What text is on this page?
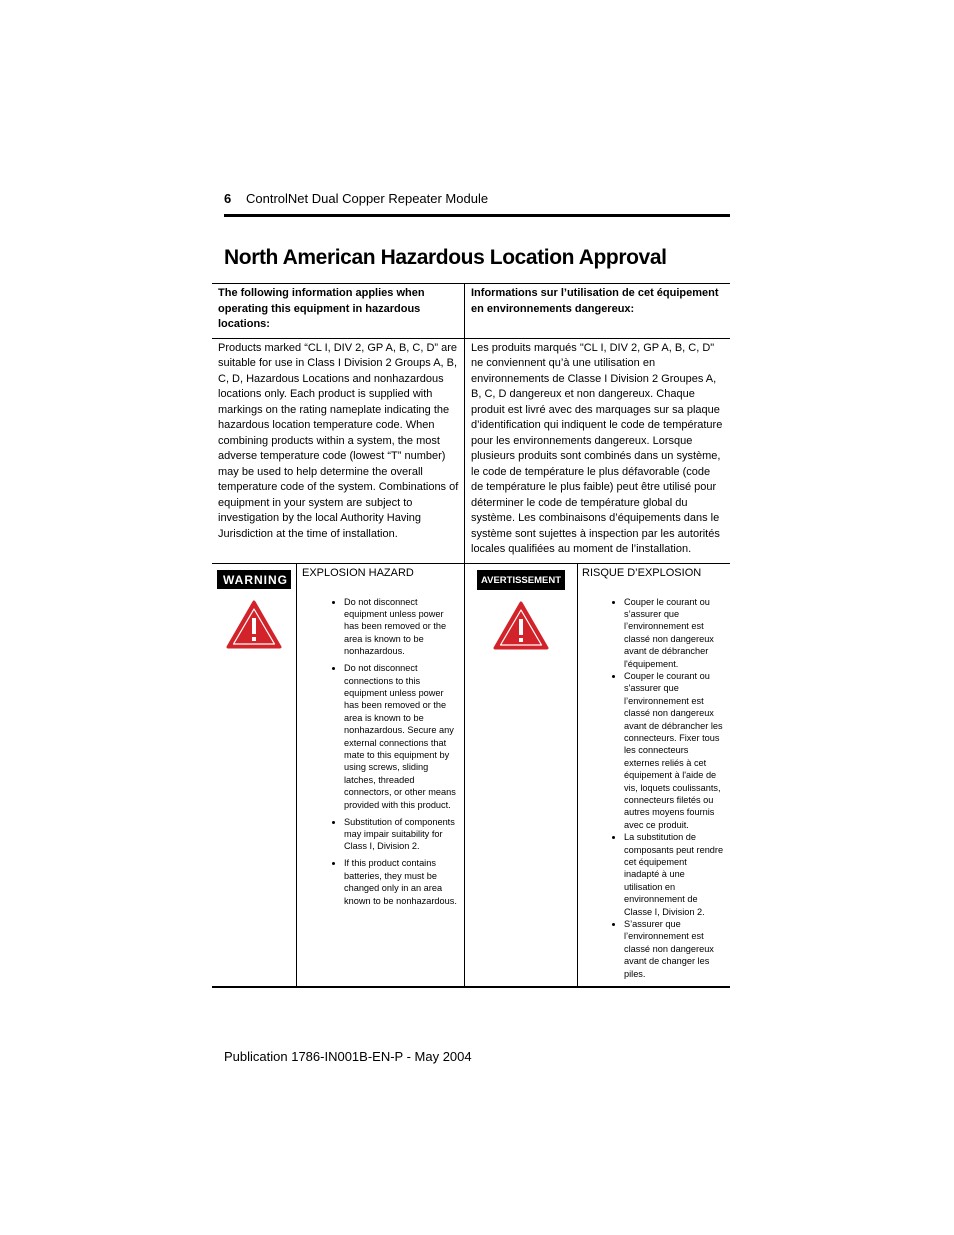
6 ControlNet Dual Copper Repeater Module
North American Hazardous Location Approval
The following information applies when operating this equipment in hazardous locations:
Informations sur l’utilisation de cet équipement en environnements dangereux:
Products marked “CL I, DIV 2, GP A, B, C, D” are suitable for use in Class I Division 2 Groups A, B, C, D, Hazardous Locations and nonhazardous locations only. Each product is supplied with markings on the rating nameplate indicating the hazardous location temperature code. When combining products within a system, the most adverse temperature code (lowest “T” number) may be used to help determine the overall temperature code of the system. Combinations of equipment in your system are subject to investigation by the local Authority Having Jurisdiction at the time of installation.
Les produits marqués "CL I, DIV 2, GP A, B, C, D" ne conviennent qu’à une utilisation en environnements de Classe I Division 2 Groupes A, B, C, D dangereux et non dangereux. Chaque produit est livré avec des marquages sur sa plaque d’identification qui indiquent le code de température pour les environnements dangereux. Lorsque plusieurs produits sont combinés dans un système, le code de température le plus défavorable (code de température le plus faible) peut être utilisé pour déterminer le code de température global du système. Les combinaisons d’équipements dans le système sont sujettes à inspection par les autorités locales qualifiées au moment de l’installation.
WARNING EXPLOSION HAZARD
• Do not disconnect equipment unless power has been removed or the area is known to be nonhazardous.
• Do not disconnect connections to this equipment unless power has been removed or the area is known to be nonhazardous. Secure any external connections that mate to this equipment by using screws, sliding latches, threaded connectors, or other means provided with this product.
• Substitution of components may impair suitability for Class I, Division 2.
• If this product contains batteries, they must be changed only in an area known to be nonhazardous.
AVERTISSEMENT
RISQUE D’EXPLOSION
• Couper le courant ou s’assurer que l’environnement est classé non dangereux avant de débrancher l'équipement.
• Couper le courant ou s'assurer que l’environnement est classé non dangereux avant de débrancher les connecteurs. Fixer tous les connecteurs externes reliés à cet équipement à l'aide de vis, loquets coulissants, connecteurs filetés ou autres moyens fournis avec ce produit.
• La substitution de composants peut rendre cet équipement inadapté à une utilisation en environnement de Classe I, Division 2.
• S’assurer que l’environnement est classé non dangereux avant de changer les piles.
Publication 1786-IN001B-EN-P - May 2004
